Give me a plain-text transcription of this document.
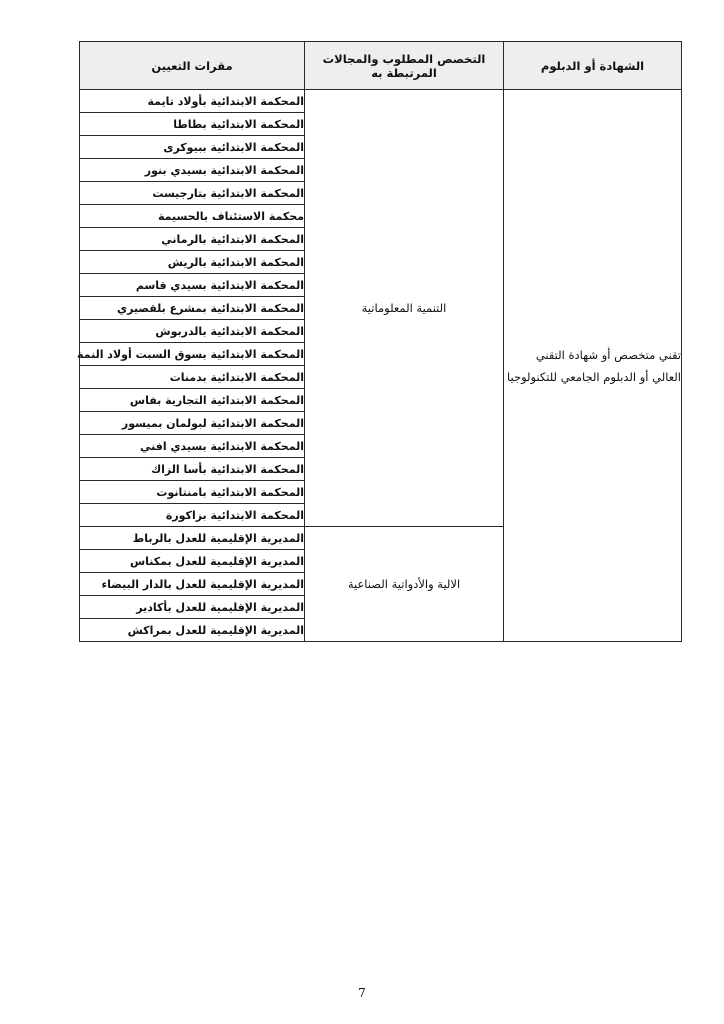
الشهادة أو الدبلوم	التخصص المطلوب والمجالات المرتبطة به	مقرات التعيين
تقني متخصص أو شهادة التقني العالي أو الدبلوم الجامعي للتكنولوجيا	التنمية المعلوماتية	المحكمة الابتدائية بأولاد تايمة
		المحكمة الابتدائية بطاطا
		المحكمة الابتدائية ببيوكرى
		المحكمة الابتدائية بسيدي بنور
		المحكمة الابتدائية بتارجيست
		محكمة الاستئناف بالحسيمة
		المحكمة الابتدائية بالرماني
		المحكمة الابتدائية بالريش
		المحكمة الابتدائية بسيدي قاسم
		المحكمة الابتدائية بمشرع بلقصيري
		المحكمة الابتدائية بالدربوش
		المحكمة الابتدائية بسوق السبت أولاد النمة
		المحكمة الابتدائية بدمنات
		المحكمة الابتدائية التجارية بفاس
		المحكمة الابتدائية لبولمان بميسور
		المحكمة الابتدائية بسيدي افني
		المحكمة الابتدائية بأسا الزاك
		المحكمة الابتدائية بامنتانوت
		المحكمة الابتدائية بزاكورة
	الالية والأدواتية الصناعية	المديرية الإقليمية للعدل بالرباط
		المديرية الإقليمية للعدل بمكناس
		المديرية الإقليمية للعدل بالدار البيضاء
		المديرية الإقليمية للعدل بأكادير
		المديرية الإقليمية للعدل بمراكش
7
